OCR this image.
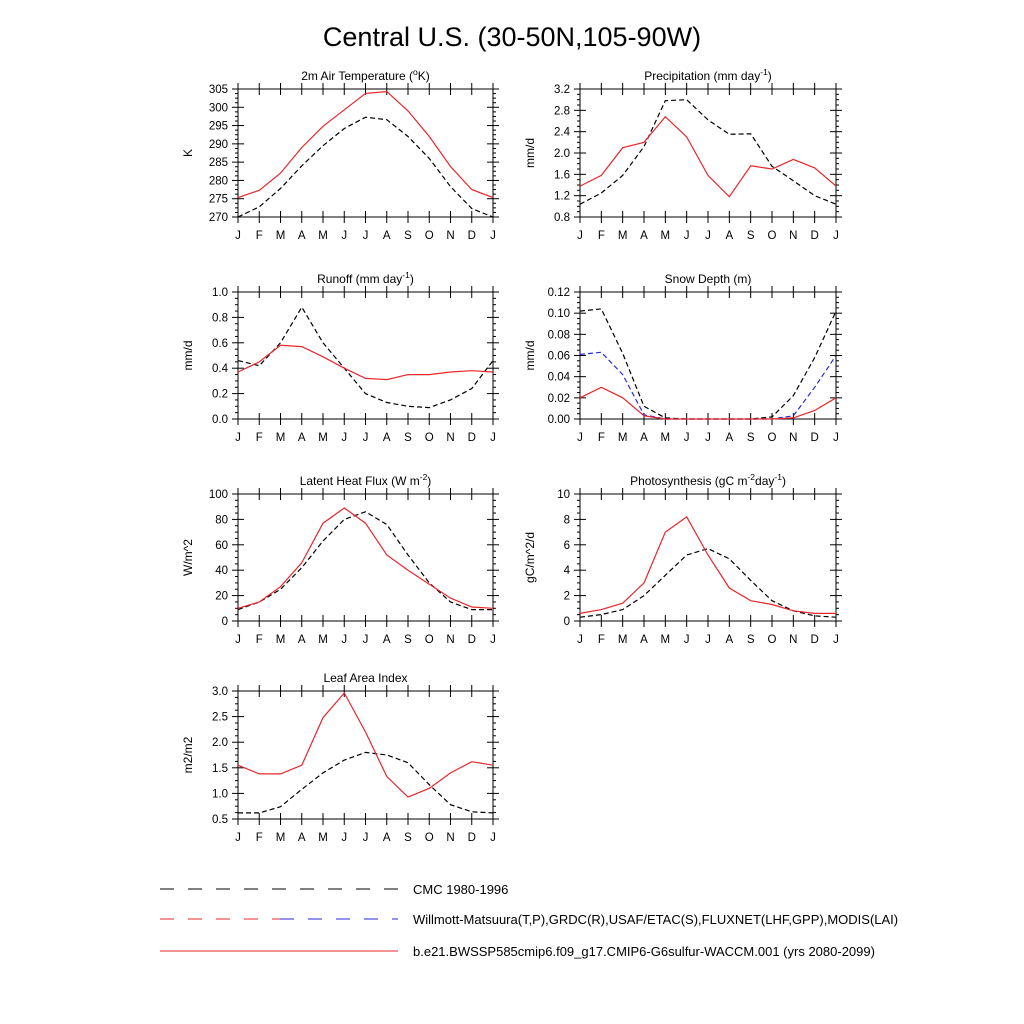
Central U.S. (30-50N,105-90W)
2m Air Temperature ($^o$K)
J F M A M J J A S O N D J
270
275
280
285
290
295
300
305
K
Precipitation (mm day$^{-1}$)
J F M A M J J A S O N D J
0.8
1.2
1.6
2.0
2.4
2.8
3.2
mm/d
Runoff (mm day$^{-1}$)
J F M A M J J A S O N D J
0.0
0.2
0.4
0.6
0.8
1.0
mm/d
Snow Depth (m)
J F M A M J J A S O N D J
0.00
0.02
0.04
0.06
0.08
0.10
0.12
mm/d
Latent Heat Flux (W $m^{-2}$)
J F M A M J J A S O N D J
0
20
40
60
80
100
W/m^2
Photosynthesis (gC $m^{-2}day^{-1}$)
J F M A M J J A S O N D J
0
2
4
6
8
10
gC/m^2/d
Leaf Area Index
J F M A M J J A S O N D J
0.5
1.0
1.5
2.0
2.5
3.0
m2/m2
CMC 1980-1996
Willmott-Matsuura(T,P),GRDC(R),USAF/ETAC(S),FLUXNET(LHF,GPP),MODIS(LAI)
b.e21.BWSSP585cmip6.f09_g17.CMIP6-G6sulfur-WACCM.001 (yrs 2080-2099)
